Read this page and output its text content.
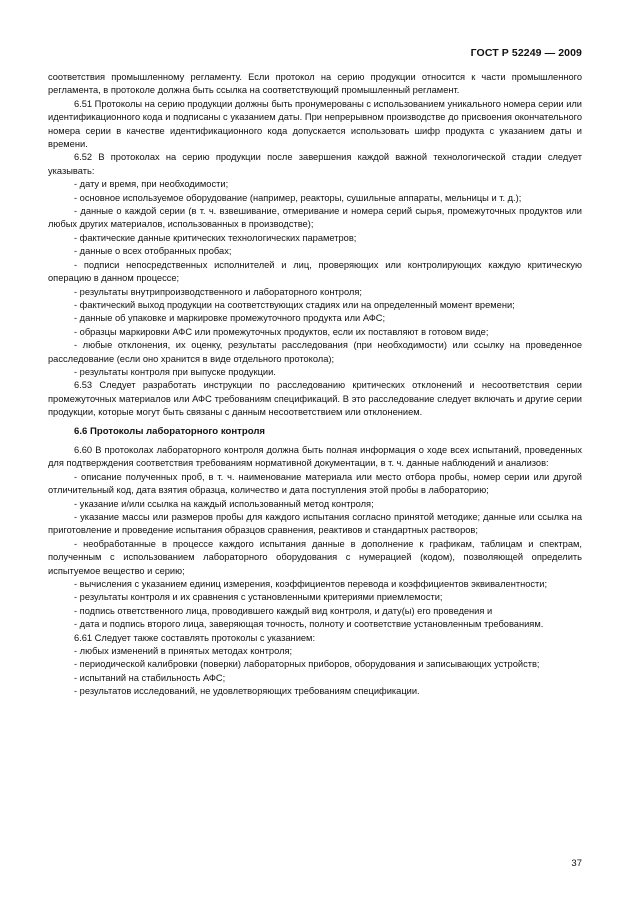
ГОСТ Р 52249 — 2009

соответствия промышленному регламенту. Если протокол на серию продукции относится к части промышленного регламента, в протоколе должна быть ссылка на соответствующий промышленный регламент.

6.51 Протоколы на серию продукции должны быть пронумерованы с использованием уникального номера серии или идентификационного кода и подписаны с указанием даты. При непрерывном производстве до присвоения окончательного номера серии в качестве идентификационного кода допускается использовать шифр продукта с указанием даты и времени.

6.52 В протоколах на серию продукции после завершения каждой важной технологической стадии следует указывать:

- дату и время, при необходимости;

- основное используемое оборудование (например, реакторы, сушильные аппараты, мельницы и т. д.);

- данные о каждой серии (в т. ч. взвешивание, отмеривание и номера серий сырья, промежуточных продуктов или любых других материалов, использованных в производстве);

- фактические данные критических технологических параметров;

- данные о всех отобранных пробах;

- подписи непосредственных исполнителей и лиц, проверяющих или контролирующих каждую критическую операцию в данном процессе;

- результаты внутрипроизводственного и лабораторного контроля;

- фактический выход продукции на соответствующих стадиях или на определенный момент времени;

- данные об упаковке и маркировке промежуточного продукта или АФС;

- образцы маркировки АФС или промежуточных продуктов, если их поставляют в готовом виде;

- любые отклонения, их оценку, результаты расследования (при необходимости) или ссылку на проведенное расследование (если оно хранится в виде отдельного протокола);

- результаты контроля при выпуске продукции.

6.53 Следует разработать инструкции по расследованию критических отклонений и несоответствия серии промежуточных материалов или АФС требованиям спецификаций. В это расследование следует включать и другие серии продукции, которые могут быть связаны с данным несоответствием или отклонением.

6.6 Протоколы лабораторного контроля

6.60 В протоколах лабораторного контроля должна быть полная информация о ходе всех испытаний, проведенных для подтверждения соответствия требованиям нормативной документации, в т. ч. данные наблюдений и анализов:

- описание полученных проб, в т. ч. наименование материала или место отбора пробы, номер серии или другой отличительный код, дата взятия образца, количество и дата поступления этой пробы в лабораторию;

- указание и/или ссылка на каждый использованный метод контроля;

- указание массы или размеров пробы для каждого испытания согласно принятой методике; данные или ссылка на приготовление и проведение испытания образцов сравнения, реактивов и стандартных растворов;

- необработанные в процессе каждого испытания данные в дополнение к графикам, таблицам и спектрам, полученным с использованием лабораторного оборудования с нумерацией (кодом), позволяющей определить испытуемое вещество и серию;

- вычисления с указанием единиц измерения, коэффициентов перевода и коэффициентов эквивалентности;

- результаты контроля и их сравнения с установленными критериями приемлемости;

- подпись ответственного лица, проводившего каждый вид контроля, и дату(ы) его проведения и

- дата и подпись второго лица, заверяющая точность, полноту и соответствие установленным требованиям.

6.61 Следует также составлять протоколы с указанием:

- любых изменений в принятых методах контроля;

- периодической калибровки (поверки) лабораторных приборов, оборудования и записывающих устройств;

- испытаний на стабильность АФС;

- результатов исследований, не удовлетворяющих требованиям спецификации.

37
